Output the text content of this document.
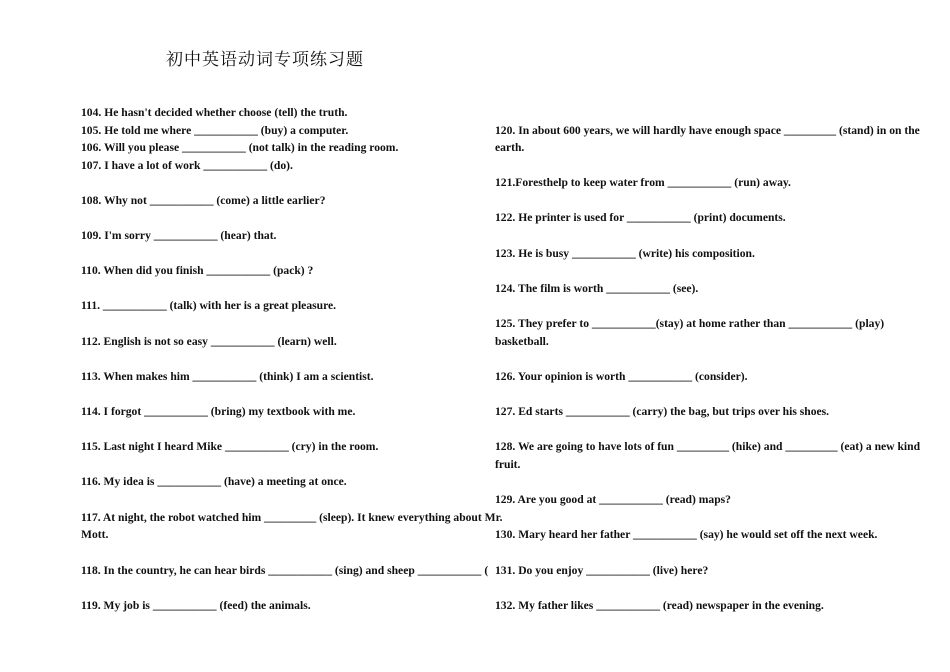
初中英语动词专项练习题
104. He hasn't decided whether choose (tell) the truth.
105. He told me where ___________ (buy) a computer.
106. Will you please ___________ (not talk) in the reading room.
107. I have a lot of work ___________ (do).
108. Why not ___________ (come) a little earlier?
109. I'm sorry ___________ (hear) that.
110. When did you finish ___________ (pack) ?
111. ___________ (talk) with her is a great pleasure.
112. English is not so easy ___________ (learn) well.
113. When makes him ___________ (think) I am a scientist.
114. I forgot ___________ (bring) my textbook with me.
115. Last night I heard Mike ___________ (cry) in the room.
116. My idea is ___________ (have) a meeting at once.
117. At night, the robot watched him _________ (sleep). It knew everything about Mr.
Mott.
118. In the country, he can hear birds ___________ (sing) and sheep ___________ (
119. My job is ___________ (feed) the animals.
120. In about 600 years, we will hardly have enough space _________ (stand) in on the
earth.
121.Foresthelp to keep water from ___________ (run) away.
122. He printer is used for ___________ (print) documents.
123. He is busy ___________ (write) his composition.
124. The film is worth ___________ (see).
125. They prefer to ___________(stay) at home rather than ___________ (play)
basketball.
126. Your opinion is worth ___________ (consider).
127. Ed starts ___________ (carry) the bag, but trips over his shoes.
128. We are going to have lots of fun _________ (hike) and _________ (eat) a new kind
fruit.
129. Are you good at ___________ (read) maps?
130. Mary heard her father ___________ (say) he would set off the next week.
131. Do you enjoy ___________ (live) here?
132. My father likes ___________ (read) newspaper in the evening.
